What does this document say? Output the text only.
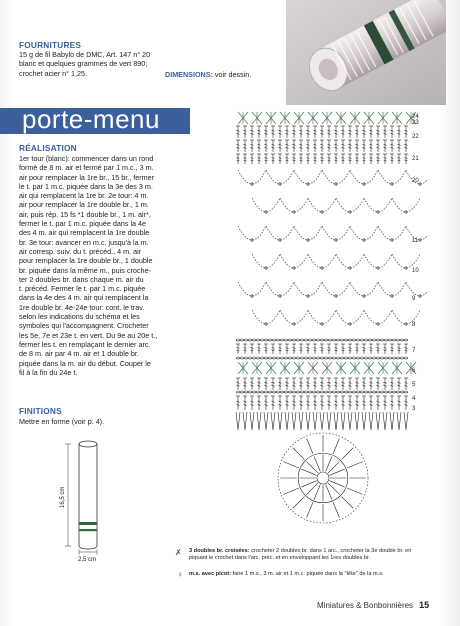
FOURNITURES
15 g de fil Babylo de DMC, Art. 147 n° 20
blanc et quelques grammes de vert 890;
crochet acier n° 1,25.	DIMENSIONS: voir dessin.
porte-menu
RÉALISATION
1er tour (blanc): commencer dans un rond
formé de 8 m. air et fermé par 1 m.c., 3 m.
air pour remplacer la 1re br., 15 br., fermer
le t. par 1 m.c. piquée dans la 3e des 3 m.
air qui remplacent la 1re br. 2e tour: 4 m.
air pour remplacer la 1re double br., 1 m.
air, puis rép. 15 fs *1 double br., 1 m. air*,
fermer le t. par 1 m.c. piquée dans la 4e
des 4 m. air qui remplacent la 1re double
br. 3e tour: avancer en m.c. jusqu'à la m.
air corresp. suiv. du t. précéd., 4 m. air
pour remplacer la 1re double br., 1 double
br. piquée dans la même m., puis croche-
ter 2 doubles br. dans chaque m. air du
t. précéd. Fermer le t. par 1 m.c. piquée
dans la 4e des 4 m. air qui remplacent la
1re double br. 4e-24e tour: cont. le trav.
selon les indications du schéma et les
symboles qui l'accompagnent. Crocheter
les 5e, 7e et 23e t. en vert. Du 9e au 20e t.,
fermer les t. en remplaçant le dernier arc.
de 8 m. air par 4 m. air et 1 double br.
piquée dans la m. air du début. Couper le
fil à la fin du 24e t.
FINITIONS
Mettre en forme (voir p. 4).
16,5 cm
2,5 cm
24
23
22
21
20
11
10
9
8
7
6
5
4
3
✗ 3 doubles br. croisées: crocheter 2 doubles br. dans 1 arc., crocheter la 3e double br. en piquant le crochet dans l'arc. préc. et en enveloppant les 1res doubles br.
♀ m.s. avec picot: faire 1 m.s., 3 m. air et 1 m.c. piquée dans la "tête" de la m.s.
Miniatures & Bonbonnières 15
